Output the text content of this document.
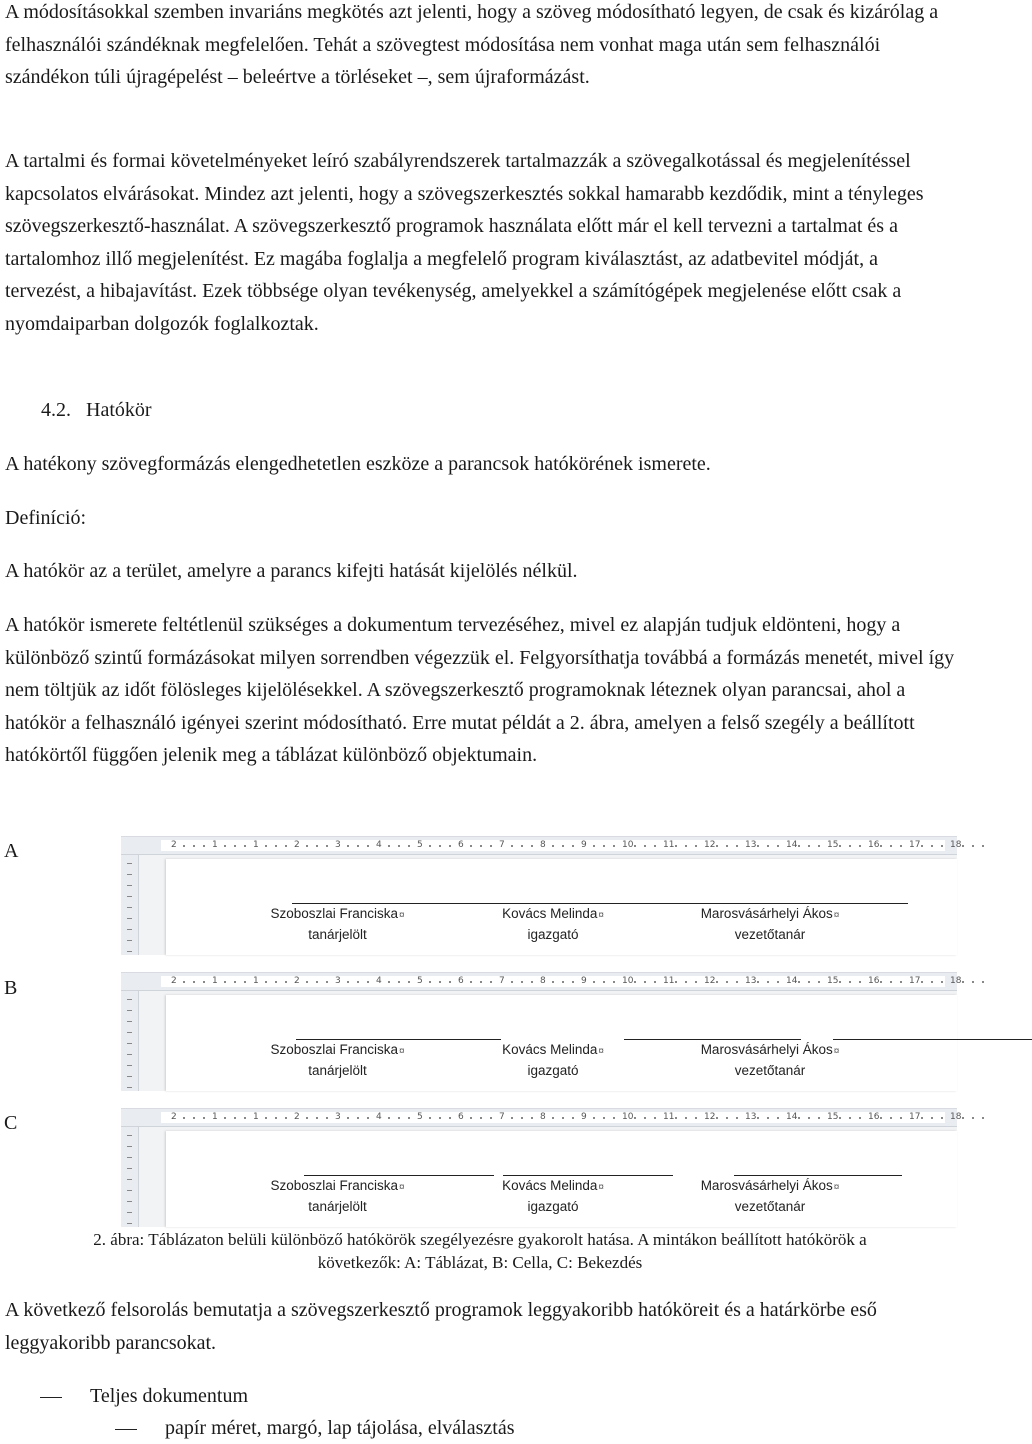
A módosításokkal szemben invariáns megkötés azt jelenti, hogy a szöveg módosítható legyen, de csak és kizárólag a felhasználói szándéknak megfelelően. Tehát a szövegtest módosítása nem vonhat maga után sem felhasználói szándékon túli újragépelést – beleértve a törléseket –, sem újraformázást.

A tartalmi és formai követelményeket leíró szabályrendszerek tartalmazzák a szövegalkotással és megjelenítéssel kapcsolatos elvárásokat. Mindez azt jelenti, hogy a szövegszerkesztés sokkal hamarabb kezdődik, mint a tényleges szövegszerkesztő-használat. A szövegszerkesztő programok használata előtt már el kell tervezni a tartalmat és a tartalomhoz illő megjelenítést. Ez magába foglalja a megfelelő program kiválasztást, az adatbevitel módját, a tervezést, a hibajavítást. Ezek többsége olyan tevékenység, amelyekkel a számítógépek megjelenése előtt csak a nyomdaiparban dolgozók foglalkoztak.

4.2. Hatókör
A hatékony szövegformázás elengedhetetlen eszköze a parancsok hatókörének ismerete.
Definíció:
A hatókör az a terület, amelyre a parancs kifejti hatását kijelölés nélkül.

A hatókör ismerete feltétlenül szükséges a dokumentum tervezéséhez, mivel ez alapján tudjuk eldönteni, hogy a különböző szintű formázásokat milyen sorrendben végezzük el. Felgyorsíthatja továbbá a formázás menetét, mivel így nem töltjük az időt fölösleges kijelölésekkel. A szövegszerkesztő programoknak léteznek olyan parancsai, ahol a hatókör a felhasználó igényei szerint módosítható. Erre mutat példát a 2. ábra, amelyen a felső szegély a beállított hatókörtől függően jelenik meg a táblázat különböző objektumain.

A	2	1	1	2	3	4	5	6	7	8	9	10	11	12	13	14	15	16	17	18
Szoboszlai Franciska¤
tanárjelölt
Kovács Melinda¤
igazgató
Marosvásárhelyi Ákos¤
vezetőtanár
B	2	1	1	2	3	4	5	6	7	8	9	10	11	12	13	14	15	16	17	18
Szoboszlai Franciska¤
tanárjelölt
Kovács Melinda¤
igazgató
Marosvásárhelyi Ákos¤
vezetőtanár
C	2	1	1	2	3	4	5	6	7	8	9	10	11	12	13	14	15	16	17	18
Szoboszlai Franciska¤
tanárjelölt
Kovács Melinda¤
igazgató
Marosvásárhelyi Ákos¤
vezetőtanár
2. ábra: Táblázaton belüli különböző hatókörök szegélyezésre gyakorolt hatása. A mintákon beállított hatókörök a
következők: A: Táblázat, B: Cella, C: Bekezdés

A következő felsorolás bemutatja a szövegszerkesztő programok leggyakoribb hatóköreit és a határkörbe eső leggyakoribb parancsokat.

Teljes dokumentum
papír méret, margó, lap tájolása, elválasztás
